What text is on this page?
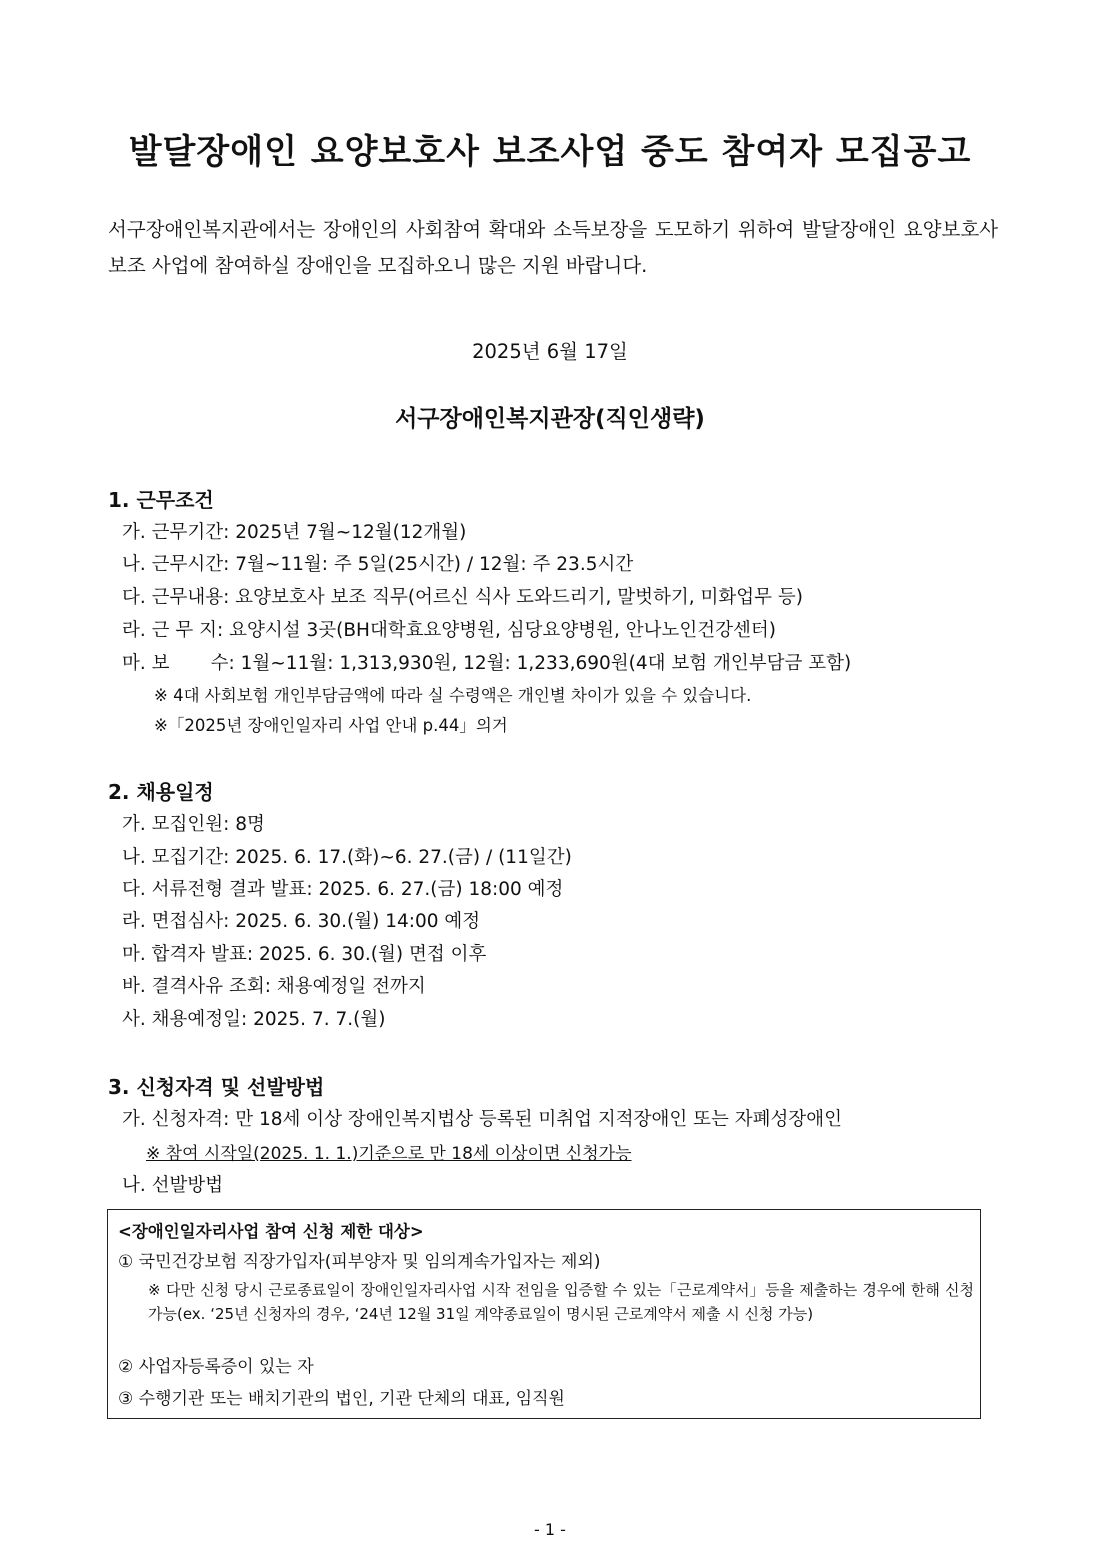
발달장애인 요양보호사 보조사업 중도 참여자 모집공고
서구장애인복지관에서는 장애인의 사회참여 확대와 소득보장을 도모하기 위하여 발달장애인 요양보호사 보조 사업에 참여하실 장애인을 모집하오니 많은 지원 바랍니다.
2025년 6월 17일
서구장애인복지관장(직인생략)
1. 근무조건
가. 근무기간: 2025년 7월~12월(12개월)
나. 근무시간: 7월~11월: 주 5일(25시간) / 12월: 주 23.5시간
다. 근무내용: 요양보호사 보조 직무(어르신 식사 도와드리기, 말벗하기, 미화업무 등)
라. 근 무 지: 요양시설 3곳(BH대학효요양병원, 심당요양병원, 안나노인건강센터)
마. 보       수: 1월~11월: 1,313,930원, 12월: 1,233,690원(4대 보험 개인부담금 포함)
※ 4대 사회보험 개인부담금액에 따라 실 수령액은 개인별 차이가 있을 수 있습니다.
※「2025년 장애인일자리 사업 안내 p.44」의거
2. 채용일정
가. 모집인원: 8명
나. 모집기간: 2025. 6. 17.(화)~6. 27.(금) / (11일간)
다. 서류전형 결과 발표: 2025. 6. 27.(금) 18:00 예정
라. 면접심사: 2025. 6. 30.(월) 14:00 예정
마. 합격자 발표: 2025. 6. 30.(월) 면접 이후
바. 결격사유 조회: 채용예정일 전까지
사. 채용예정일: 2025. 7. 7.(월)
3. 신청자격 및 선발방법
가. 신청자격: 만 18세 이상 장애인복지법상 등록된 미취업 지적장애인 또는 자폐성장애인
※ 참여 시작일(2025. 1. 1.)기준으로 만 18세 이상이면 신청가능
나. 선발방법
<장애인일자리사업 참여 신청 제한 대상>
① 국민건강보험 직장가입자(피부양자 및 임의계속가입자는 제외)
※ 다만 신청 당시 근로종료일이 장애인일자리사업 시작 전임을 입증할 수 있는「근로계약서」등을 제출하는 경우에 한해 신청 가능(ex. ‘25년 신청자의 경우, ‘24년 12월 31일 계약종료일이 명시된 근로계약서 제출 시 신청 가능)
② 사업자등록증이 있는 자
③ 수행기관 또는 배치기관의 법인, 기관 단체의 대표, 임직원
- 1 -
